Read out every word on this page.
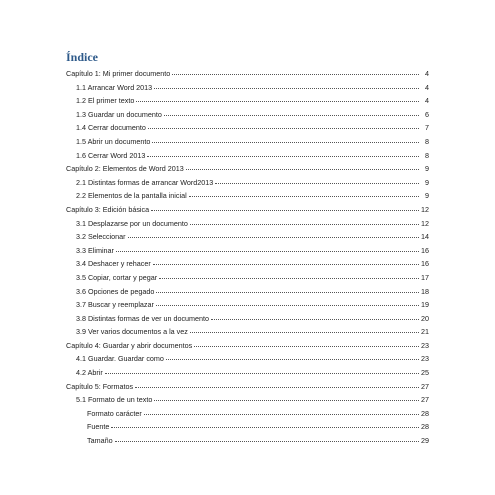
Índice
Capítulo 1: Mi primer documento	4
1.1 Arrancar Word 2013	4
1.2 El primer texto	4
1.3 Guardar un documento	6
1.4 Cerrar documento	7
1.5 Abrir un documento	8
1.6 Cerrar Word 2013	8
Capítulo 2: Elementos de Word 2013	9
2.1 Distintas formas de arrancar Word2013	9
2.2 Elementos de la pantalla inicial	9
Capítulo 3: Edición básica	12
3.1 Desplazarse por un documento	12
3.2 Seleccionar	14
3.3 Eliminar	16
3.4 Deshacer y rehacer	16
3.5 Copiar, cortar y pegar	17
3.6 Opciones de pegado	18
3.7 Buscar y reemplazar	19
3.8 Distintas formas de ver un documento	20
3.9 Ver varios documentos a la vez	21
Capítulo 4: Guardar y abrir documentos	23
4.1 Guardar. Guardar como	23
4.2 Abrir	25
Capítulo 5: Formatos	27
5.1 Formato de un texto	27
Formato carácter	28
Fuente	28
Tamaño	29
